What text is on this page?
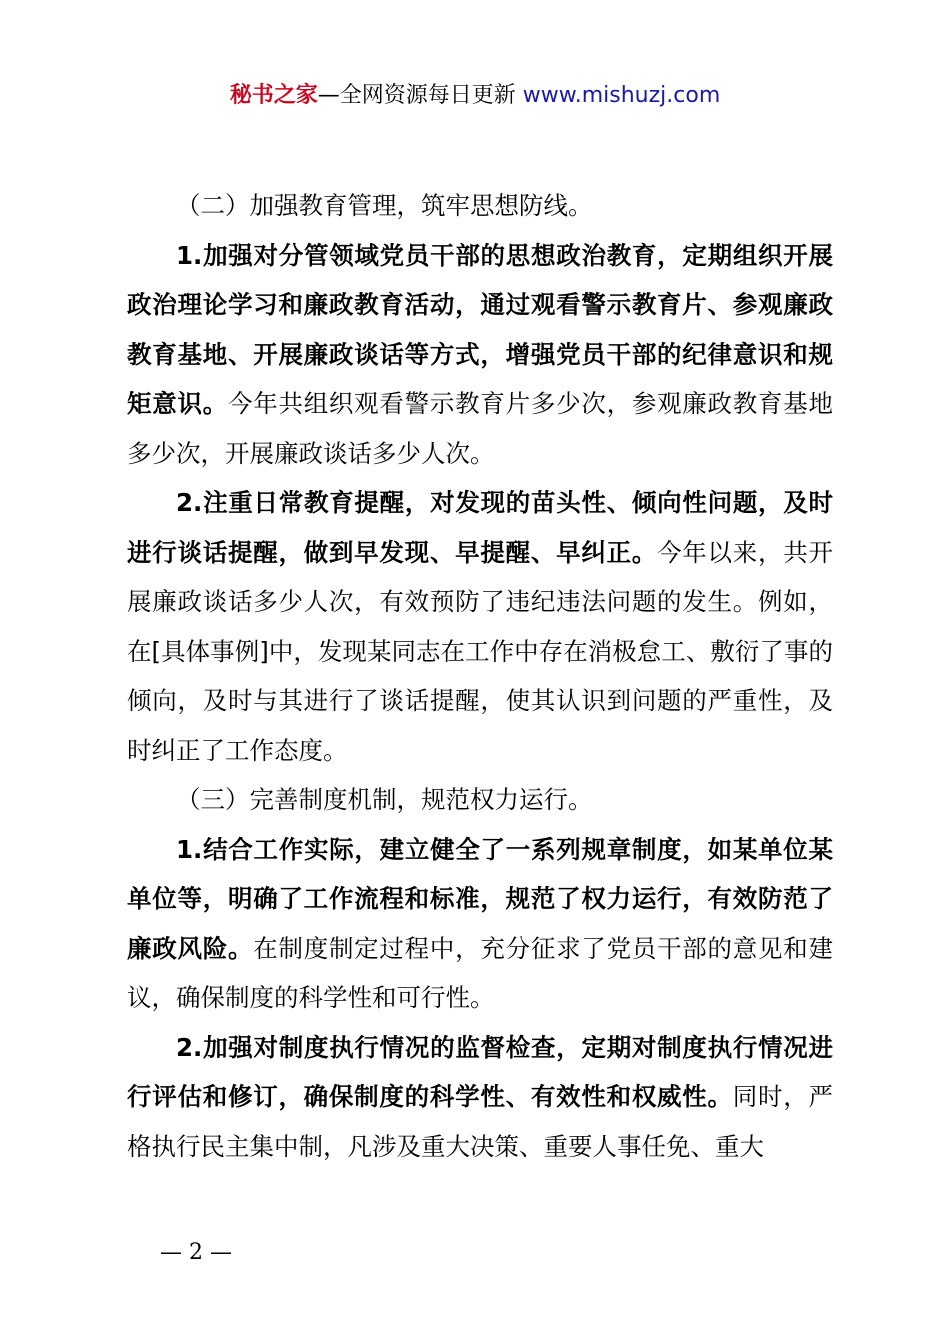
秘书之家—全网资源每日更新 www.mishuzj.com

（二）加强教育管理，筑牢思想防线。

1.加强对分管领域党员干部的思想政治教育，定期组织开展政治理论学习和廉政教育活动，通过观看警示教育片、参观廉政教育基地、开展廉政谈话等方式，增强党员干部的纪律意识和规矩意识。今年共组织观看警示教育片多少次，参观廉政教育基地多少次，开展廉政谈话多少人次。

2.注重日常教育提醒，对发现的苗头性、倾向性问题，及时进行谈话提醒，做到早发现、早提醒、早纠正。今年以来，共开展廉政谈话多少人次，有效预防了违纪违法问题的发生。例如，在[具体事例]中，发现某同志在工作中存在消极怠工、敷衍了事的倾向，及时与其进行了谈话提醒，使其认识到问题的严重性，及时纠正了工作态度。

（三）完善制度机制，规范权力运行。

1.结合工作实际，建立健全了一系列规章制度，如某单位某单位等，明确了工作流程和标准，规范了权力运行，有效防范了廉政风险。在制度制定过程中，充分征求了党员干部的意见和建议，确保制度的科学性和可行性。

2.加强对制度执行情况的监督检查，定期对制度执行情况进行评估和修订，确保制度的科学性、有效性和权威性。同时，严格执行民主集中制，凡涉及重大决策、重要人事任免、重大

— 2 —
